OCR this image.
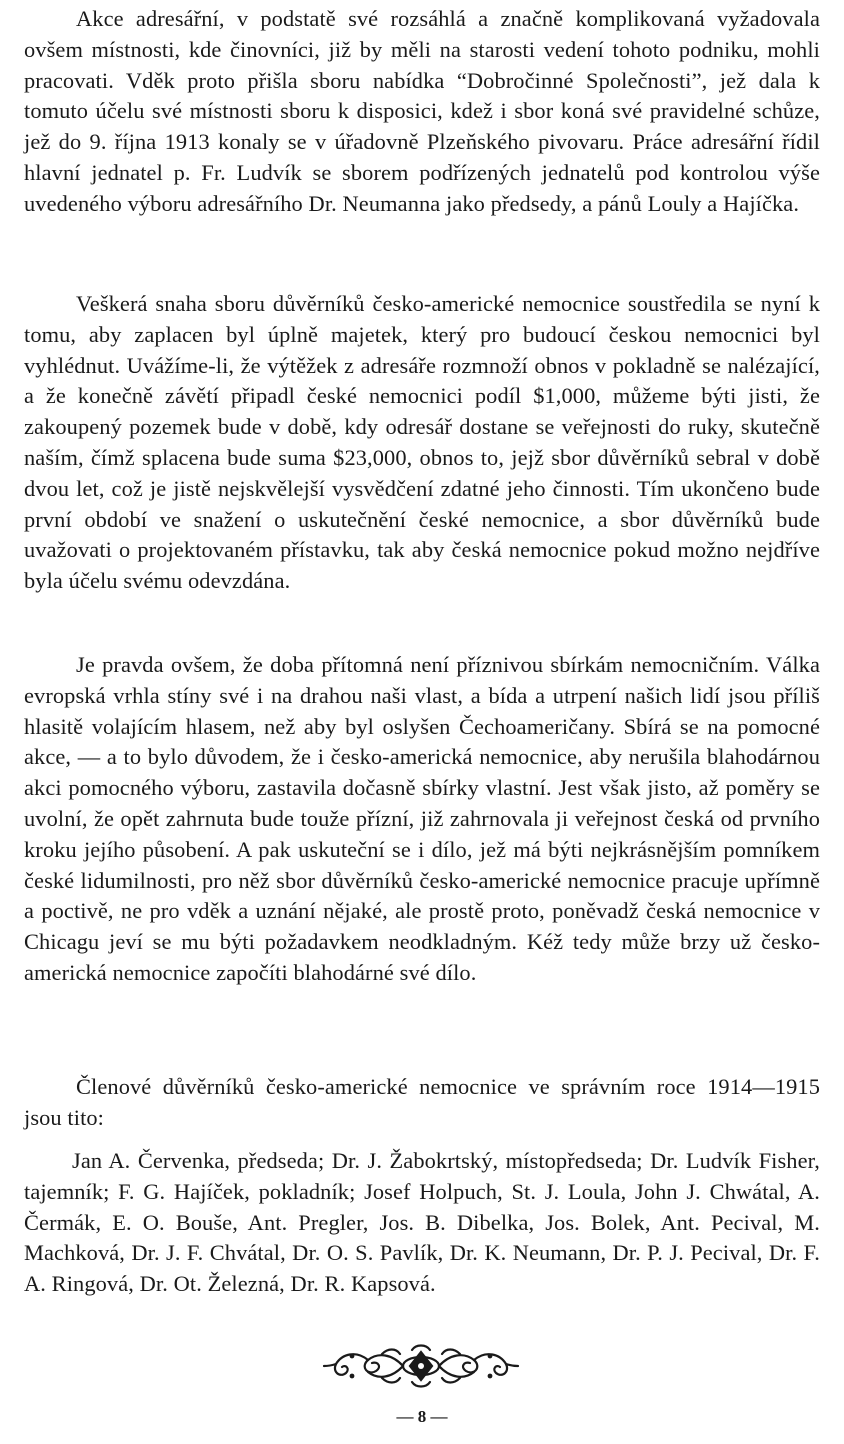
Akce adresářní, v podstatě své rozsáhlá a značně komplikovaná vyžadovala ovšem místnosti, kde činovníci, již by měli na starosti vedení tohoto podniku, mohli pracovati. Vděk proto přišla sboru nabídka “Dobročinné Společnosti”, jež dala k tomuto účelu své místnosti sboru k disposici, kdež i sbor koná své pravidelné schůze, jež do 9. října 1913 konaly se v úřadovně Plzeňského pivovaru. Práce adresářní řídil hlavní jednatel p. Fr. Ludvík se sborem podřízených jednatelů pod kontrolou výše uvedeného výboru adresářního Dr. Neumanna jako předsedy, a pánů Louly a Hajíčka.

Veškerá snaha sboru důvěrníků česko-americké nemocnice soustředila se nyní k tomu, aby zaplacen byl úplně majetek, který pro budoucí českou nemocnici byl vyhlédnut. Uvážíme-li, že výtěžek z adresáře rozmnoží obnos v pokladně se nalézající, a že konečně závětí připadl české nemocnici podíl $1,000, můžeme býti jisti, že zakoupený pozemek bude v době, kdy odresář dostane se veřejnosti do ruky, skutečně naším, čímž splacena bude suma $23,000, obnos to, jejž sbor důvěrníků sebral v době dvou let, což je jistě nejskvělejší vysvědčení zdatné jeho činnosti. Tím ukončeno bude první období ve snažení o uskutečnění české nemocnice, a sbor důvěrníků bude uvažovati o projektovaném přístavku, tak aby česká nemocnice pokud možno nejdříve byla účelu svému odevzdána.

Je pravda ovšem, že doba přítomná není příznivou sbírkám nemocničním. Válka evropská vrhla stíny své i na drahou naši vlast, a bída a utrpení našich lidí jsou příliš hlasitě volajícím hlasem, než aby byl oslyšen Čechoameričany. Sbírá se na pomocné akce, — a to bylo důvodem, že i česko-americká nemocnice, aby nerušila blahodárnou akci pomocného výboru, zastavila dočasně sbírky vlastní. Jest však jisto, až poměry se uvolní, že opět zahrnuta bude touže přízní, již zahrnovala ji veřejnost česká od prvního kroku jejího působení. A pak uskuteční se i dílo, jež má býti nejkrásnějším pomníkem české lidumilnosti, pro něž sbor důvěrníků česko-americké nemocnice pracuje upřímně a poctivě, ne pro vděk a uznání nějaké, ale prostě proto, poněvadž česká nemocnice v Chicagu jeví se mu býti požadavkem neodkladným. Kéž tedy může brzy už česko-americká nemocnice započíti blahodárné své dílo.

Členové důvěrníků česko-americké nemocnice ve správním roce 1914—1915 jsou tito:

Jan A. Červenka, předseda; Dr. J. Žabokrtský, místopředseda; Dr. Ludvík Fisher, tajemník; F. G. Hajíček, pokladník; Josef Holpuch, St. J. Loula, John J. Chwátal, A. Čermák, E. O. Bouše, Ant. Pregler, Jos. B. Dibelka, Jos. Bolek, Ant. Pecival, M. Machková, Dr. J. F. Chvátal, Dr. O. S. Pavlík, Dr. K. Neumann, Dr. P. J. Pecival, Dr. F. A. Ringová, Dr. Ot. Železná, Dr. R. Kapsová.

— 8 —
